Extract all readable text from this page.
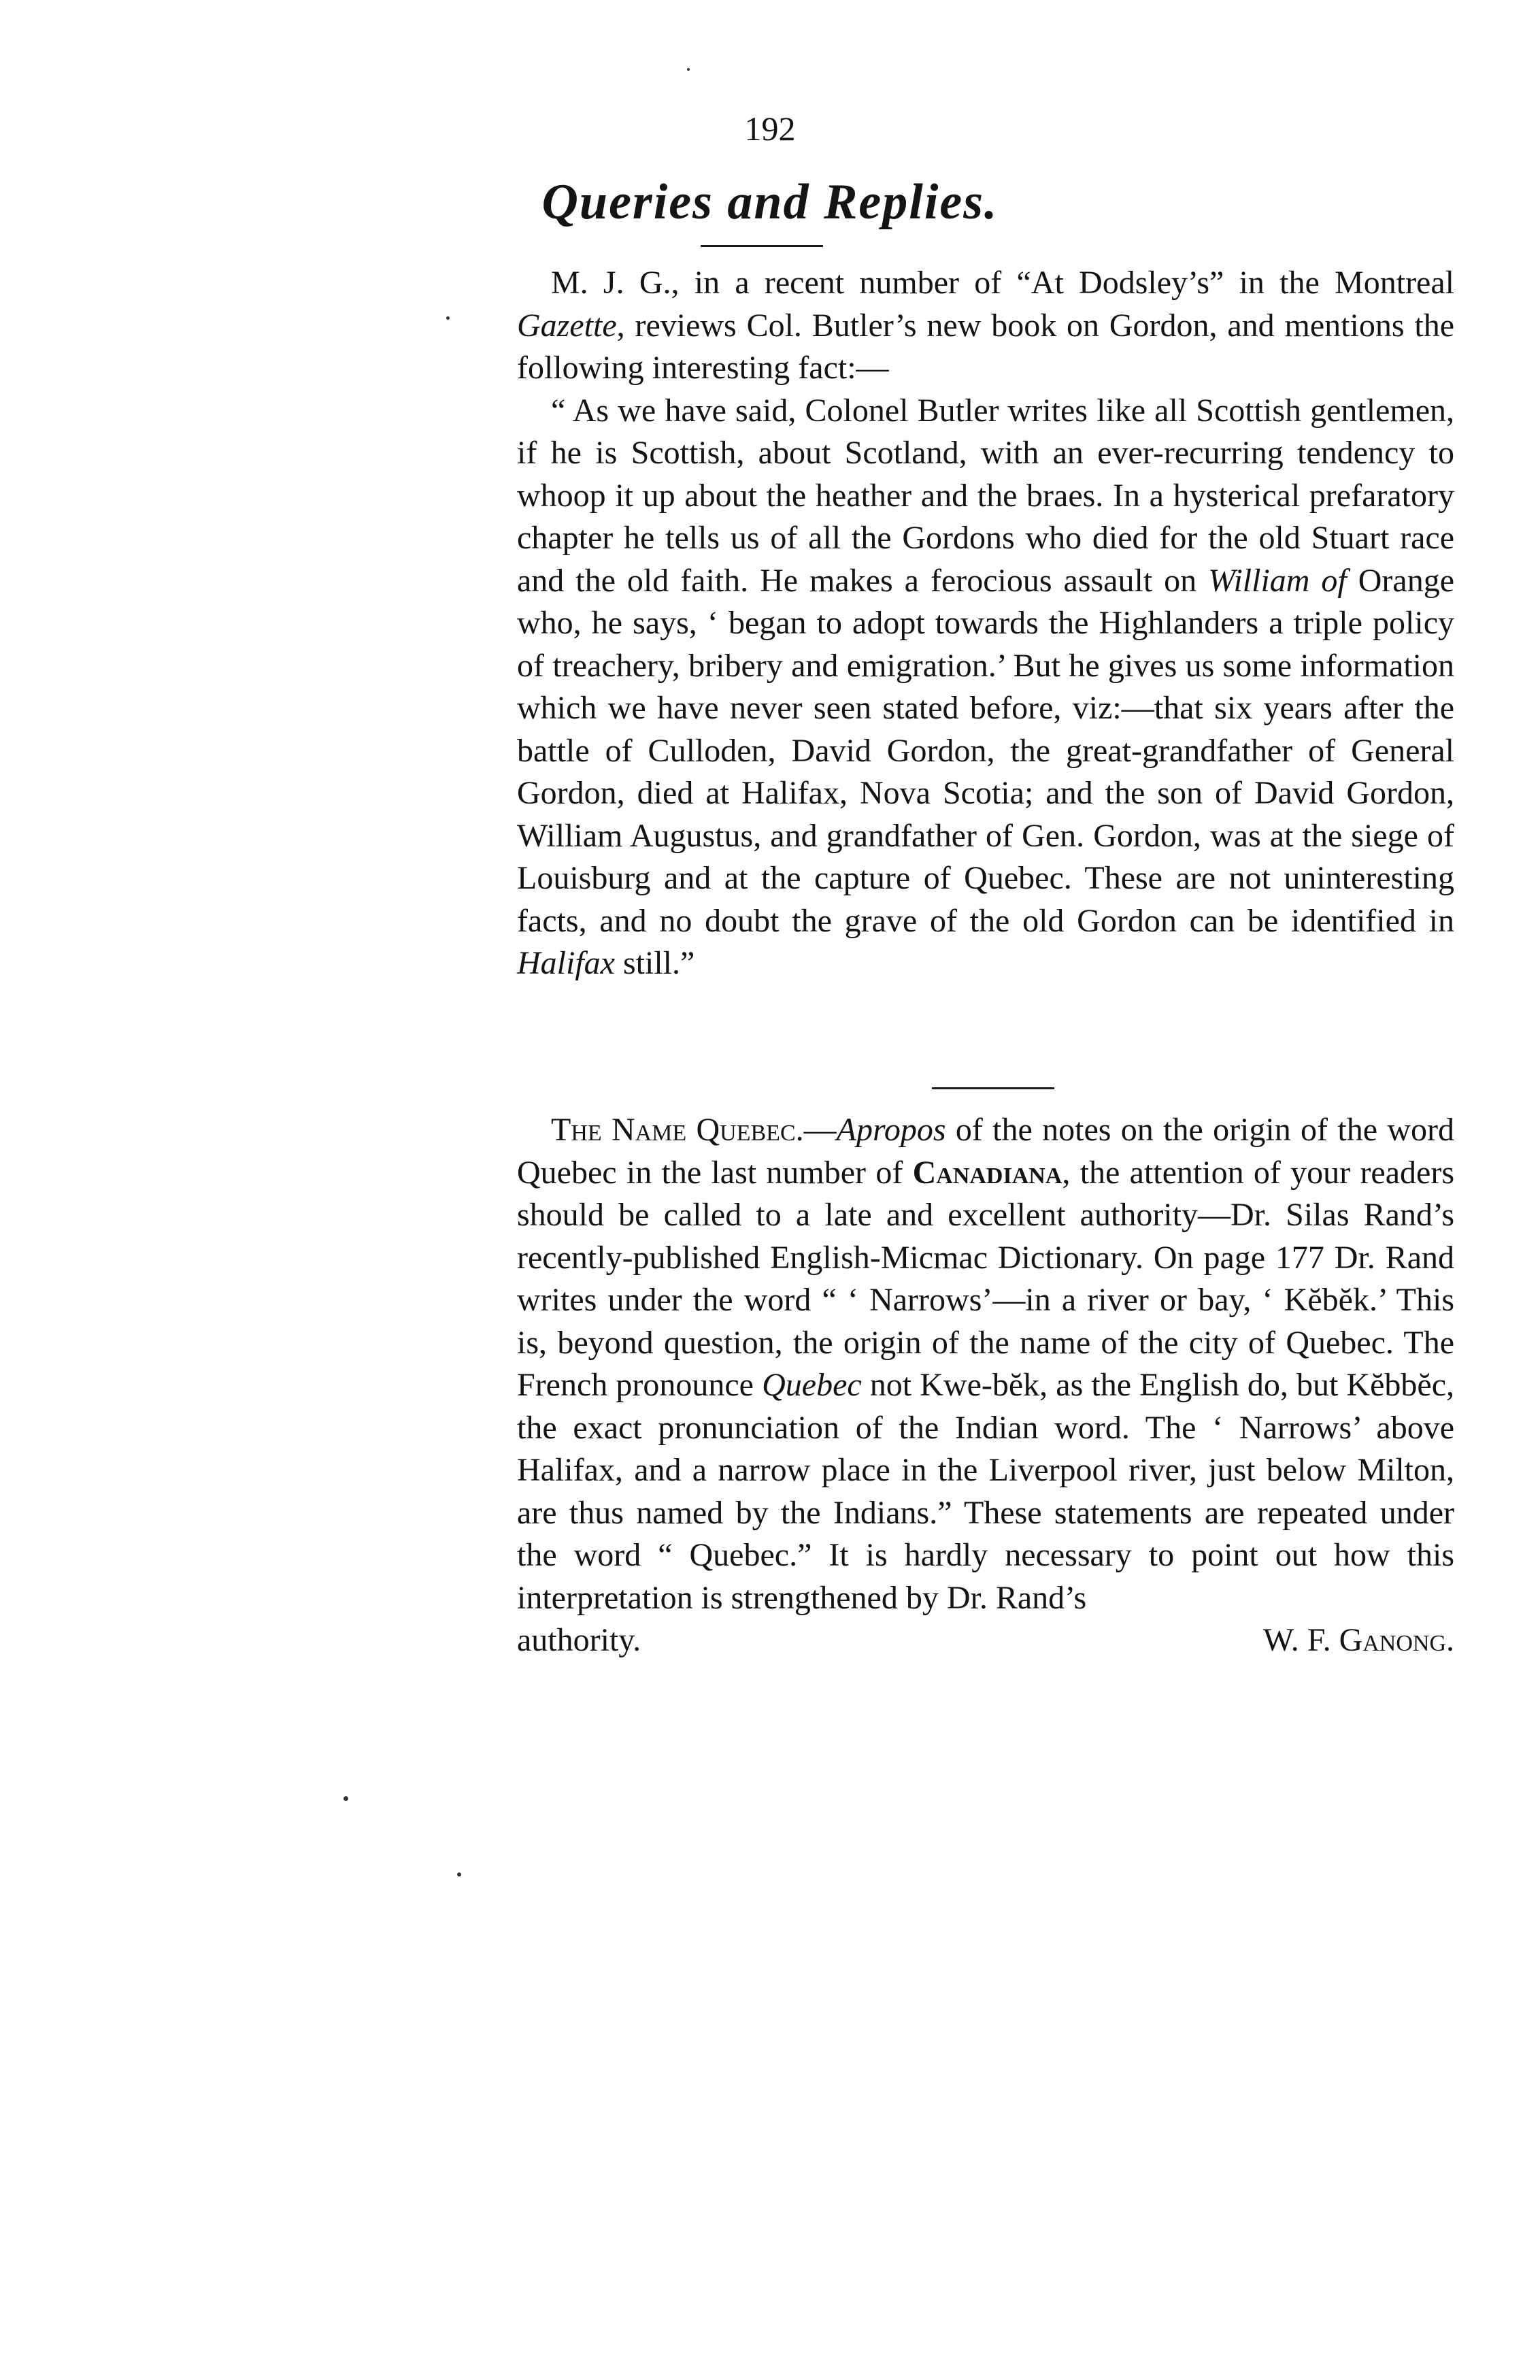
192
Queries and Replies.

M. J. G., in a recent number of “At Dodsley’s” in the Montreal Gazette, reviews Col. Butler’s new book on Gordon, and mentions the following interesting fact:—

“ As we have said, Colonel Butler writes like all Scottish gentlemen, if he is Scottish, about Scotland, with an ever-recurring tendency to whoop it up about the heather and the braes. In a hysterical prefaratory chapter he tells us of all the Gordons who died for the old Stuart race and the old faith. He makes a ferocious assault on William of Orange who, he says, ‘ began to adopt towards the Highlanders a triple policy of treachery, bribery and emigration.’ But he gives us some information which we have never seen stated before, viz:—that six years after the battle of Culloden, David Gordon, the great-grandfather of General Gordon, died at Halifax, Nova Scotia; and the son of David Gordon, William Augustus, and grandfather of Gen. Gordon, was at the siege of Louisburg and at the capture of Quebec. These are not uninteresting facts, and no doubt the grave of the old Gordon can be identified in Halifax still.”

The Name Quebec.—Apropos of the notes on the origin of the word Quebec in the last number of Canadiana, the attention of your readers should be called to a late and excellent authority—Dr. Silas Rand’s recently-published English-Micmac Dictionary. On page 177 Dr. Rand writes under the word “ ‘ Narrows’—in a river or bay, ‘ Kĕbĕk.’ This is, beyond question, the origin of the name of the city of Quebec. The French pronounce Quebec not Kwe-bĕk, as the English do, but Kĕbbĕc, the exact pronunciation of the Indian word. The ‘ Narrows’ above Halifax, and a narrow place in the Liverpool river, just below Milton, are thus named by the Indians.” These statements are repeated under the word “ Quebec.” It is hardly necessary to point out how this interpretation is strengthened by Dr. Rand’s

authority.	W. F. Ganong.
